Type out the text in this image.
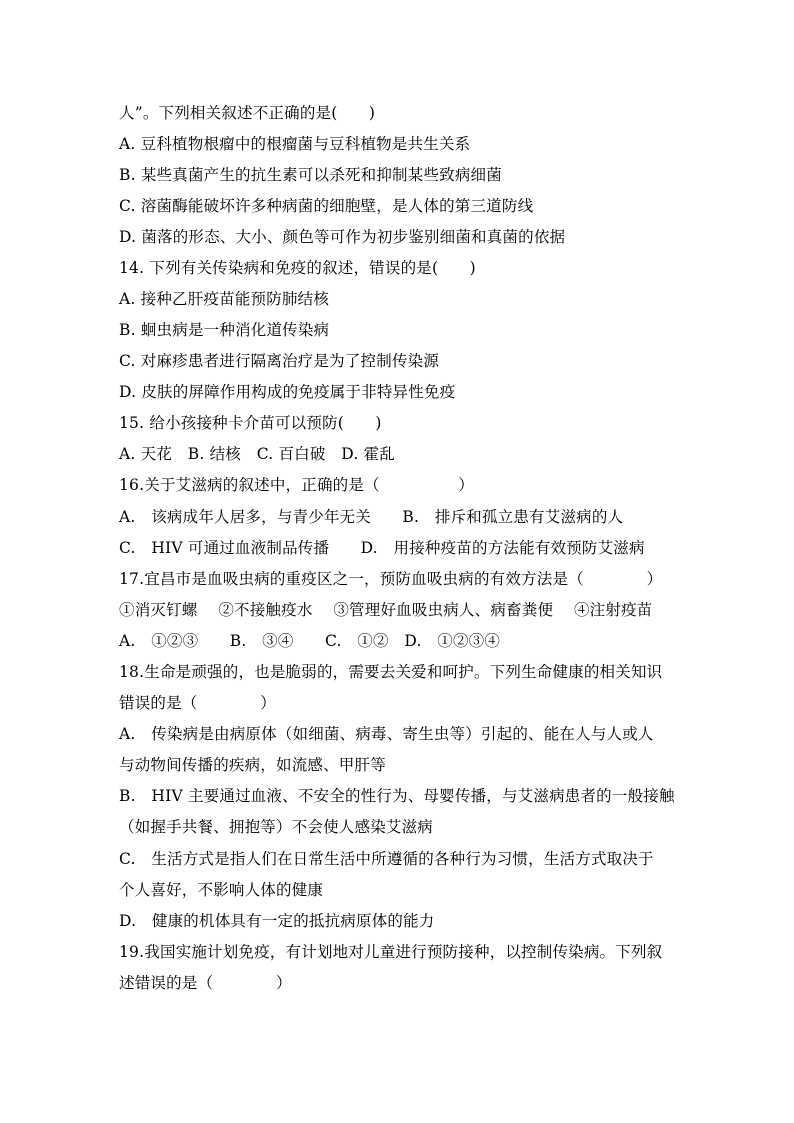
人”。下列相关叙述不正确的是(　　)
A. 豆科植物根瘤中的根瘤菌与豆科植物是共生关系
B. 某些真菌产生的抗生素可以杀死和抑制某些致病细菌
C. 溶菌酶能破坏许多种病菌的细胞壁，是人体的第三道防线
D. 菌落的形态、大小、颜色等可作为初步鉴别细菌和真菌的依据
14. 下列有关传染病和免疫的叙述，错误的是(　　)
A. 接种乙肝疫苗能预防肺结核
B. 蛔虫病是一种消化道传染病
C. 对麻疹患者进行隔离治疗是为了控制传染源
D. 皮肤的屏障作用构成的免疫属于非特异性免疫
15. 给小孩接种卡介苗可以预防(　　)
A. 天花　B. 结核　C. 百白破　D. 霍乱
16.关于艾滋病的叙述中，正确的是（　　　　　）
A.　该病成年人居多，与青少年无关　　B.　排斥和孤立患有艾滋病的人
C.　HIV 可通过血液制品传播　　D.　用接种疫苗的方法能有效预防艾滋病
17.宜昌市是血吸虫病的重疫区之一，预防血吸虫病的有效方法是（　　　　）
①消灭钉螺　 ②不接触疫水　 ③管理好血吸虫病人、病畜粪便　 ④注射疫苗
A.　①②③　　B.　③④　　C.　①②　D.　①②③④
18.生命是顽强的，也是脆弱的，需要去关爱和呵护。下列生命健康的相关知识
错误的是（　　　　）
A.　传染病是由病原体（如细菌、病毒、寄生虫等）引起的、能在人与人或人
与动物间传播的疾病，如流感、甲肝等
B.　HIV 主要通过血液、不安全的性行为、母婴传播，与艾滋病患者的一般接触
（如握手共餐、拥抱等）不会使人感染艾滋病
C.　生活方式是指人们在日常生活中所遵循的各种行为习惯，生活方式取决于
个人喜好，不影响人体的健康
D.　健康的机体具有一定的抵抗病原体的能力
19.我国实施计划免疫，有计划地对儿童进行预防接种，以控制传染病。下列叙
述错误的是（　　　　）
